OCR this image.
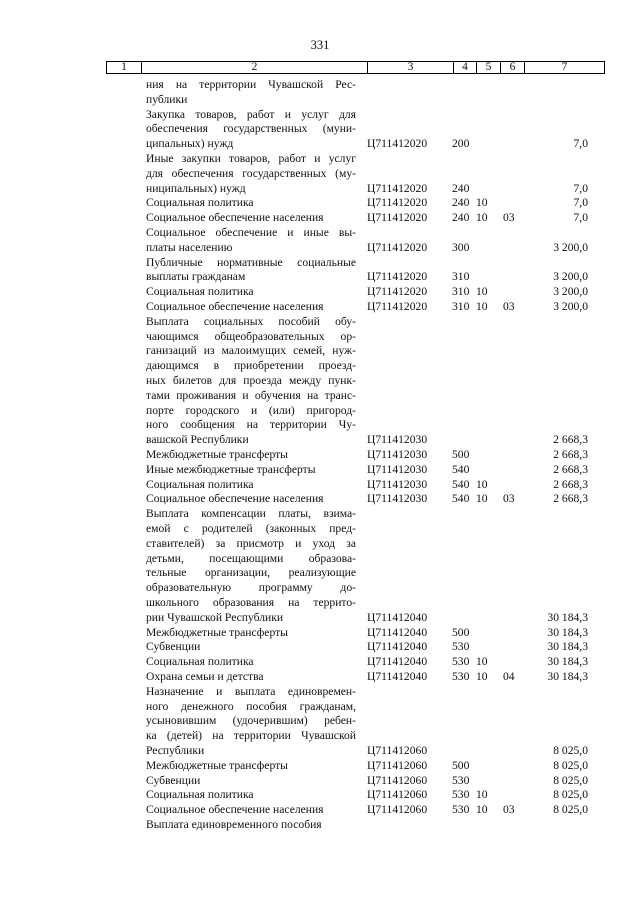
331
1	2	3	4	5	6	7
ния на территории Чувашской Рес-
публики
Закупка товаров, работ и услуг для
обеспечения государственных (муни-
ципальных) нужд	Ц711412020 200	7,0
Иные закупки товаров, работ и услуг
для обеспечения государственных (му-
ниципальных) нужд	Ц711412020 240	7,0
Социальная политика	Ц711412020 240 10	7,0
Социальное обеспечение населения	Ц711412020 240 10 03	7,0
Социальное обеспечение и иные вы-
платы населению	Ц711412020 300	3 200,0
Публичные нормативные социальные
выплаты гражданам	Ц711412020 310	3 200,0
Социальная политика	Ц711412020 310 10	3 200,0
Социальное обеспечение населения	Ц711412020 310 10 03	3 200,0
Выплата социальных пособий обу-
чающимся общеобразовательных ор-
ганизаций из малоимущих семей, нуж-
дающимся в приобретении проезд-
ных билетов для проезда между пунк-
тами проживания и обучения на транс-
порте городского и (или) пригород-
ного сообщения на территории Чу-
вашской Республики	Ц711412030	2 668,3
Межбюджетные трансферты	Ц711412030 500	2 668,3
Иные межбюджетные трансферты	Ц711412030 540	2 668,3
Социальная политика	Ц711412030 540 10	2 668,3
Социальное обеспечение населения	Ц711412030 540 10 03	2 668,3
Выплата компенсации платы, взима-
емой с родителей (законных пред-
ставителей) за присмотр и уход за
детьми, посещающими образова-
тельные организации, реализующие
образовательную программу до-
школьного образования на террито-
рии Чувашской Республики	Ц711412040	30 184,3
Межбюджетные трансферты	Ц711412040 500	30 184,3
Субвенции	Ц711412040 530	30 184,3
Социальная политика	Ц711412040 530 10	30 184,3
Охрана семьи и детства	Ц711412040 530 10 04	30 184,3
Назначение и выплата единовремен-
ного денежного пособия гражданам,
усыновившим (удочерившим) ребен-
ка (детей) на территории Чувашской
Республики	Ц711412060	8 025,0
Межбюджетные трансферты	Ц711412060 500	8 025,0
Субвенции	Ц711412060 530	8 025,0
Социальная политика	Ц711412060 530 10	8 025,0
Социальное обеспечение населения	Ц711412060 530 10 03	8 025,0
Выплата единовременного пособия
